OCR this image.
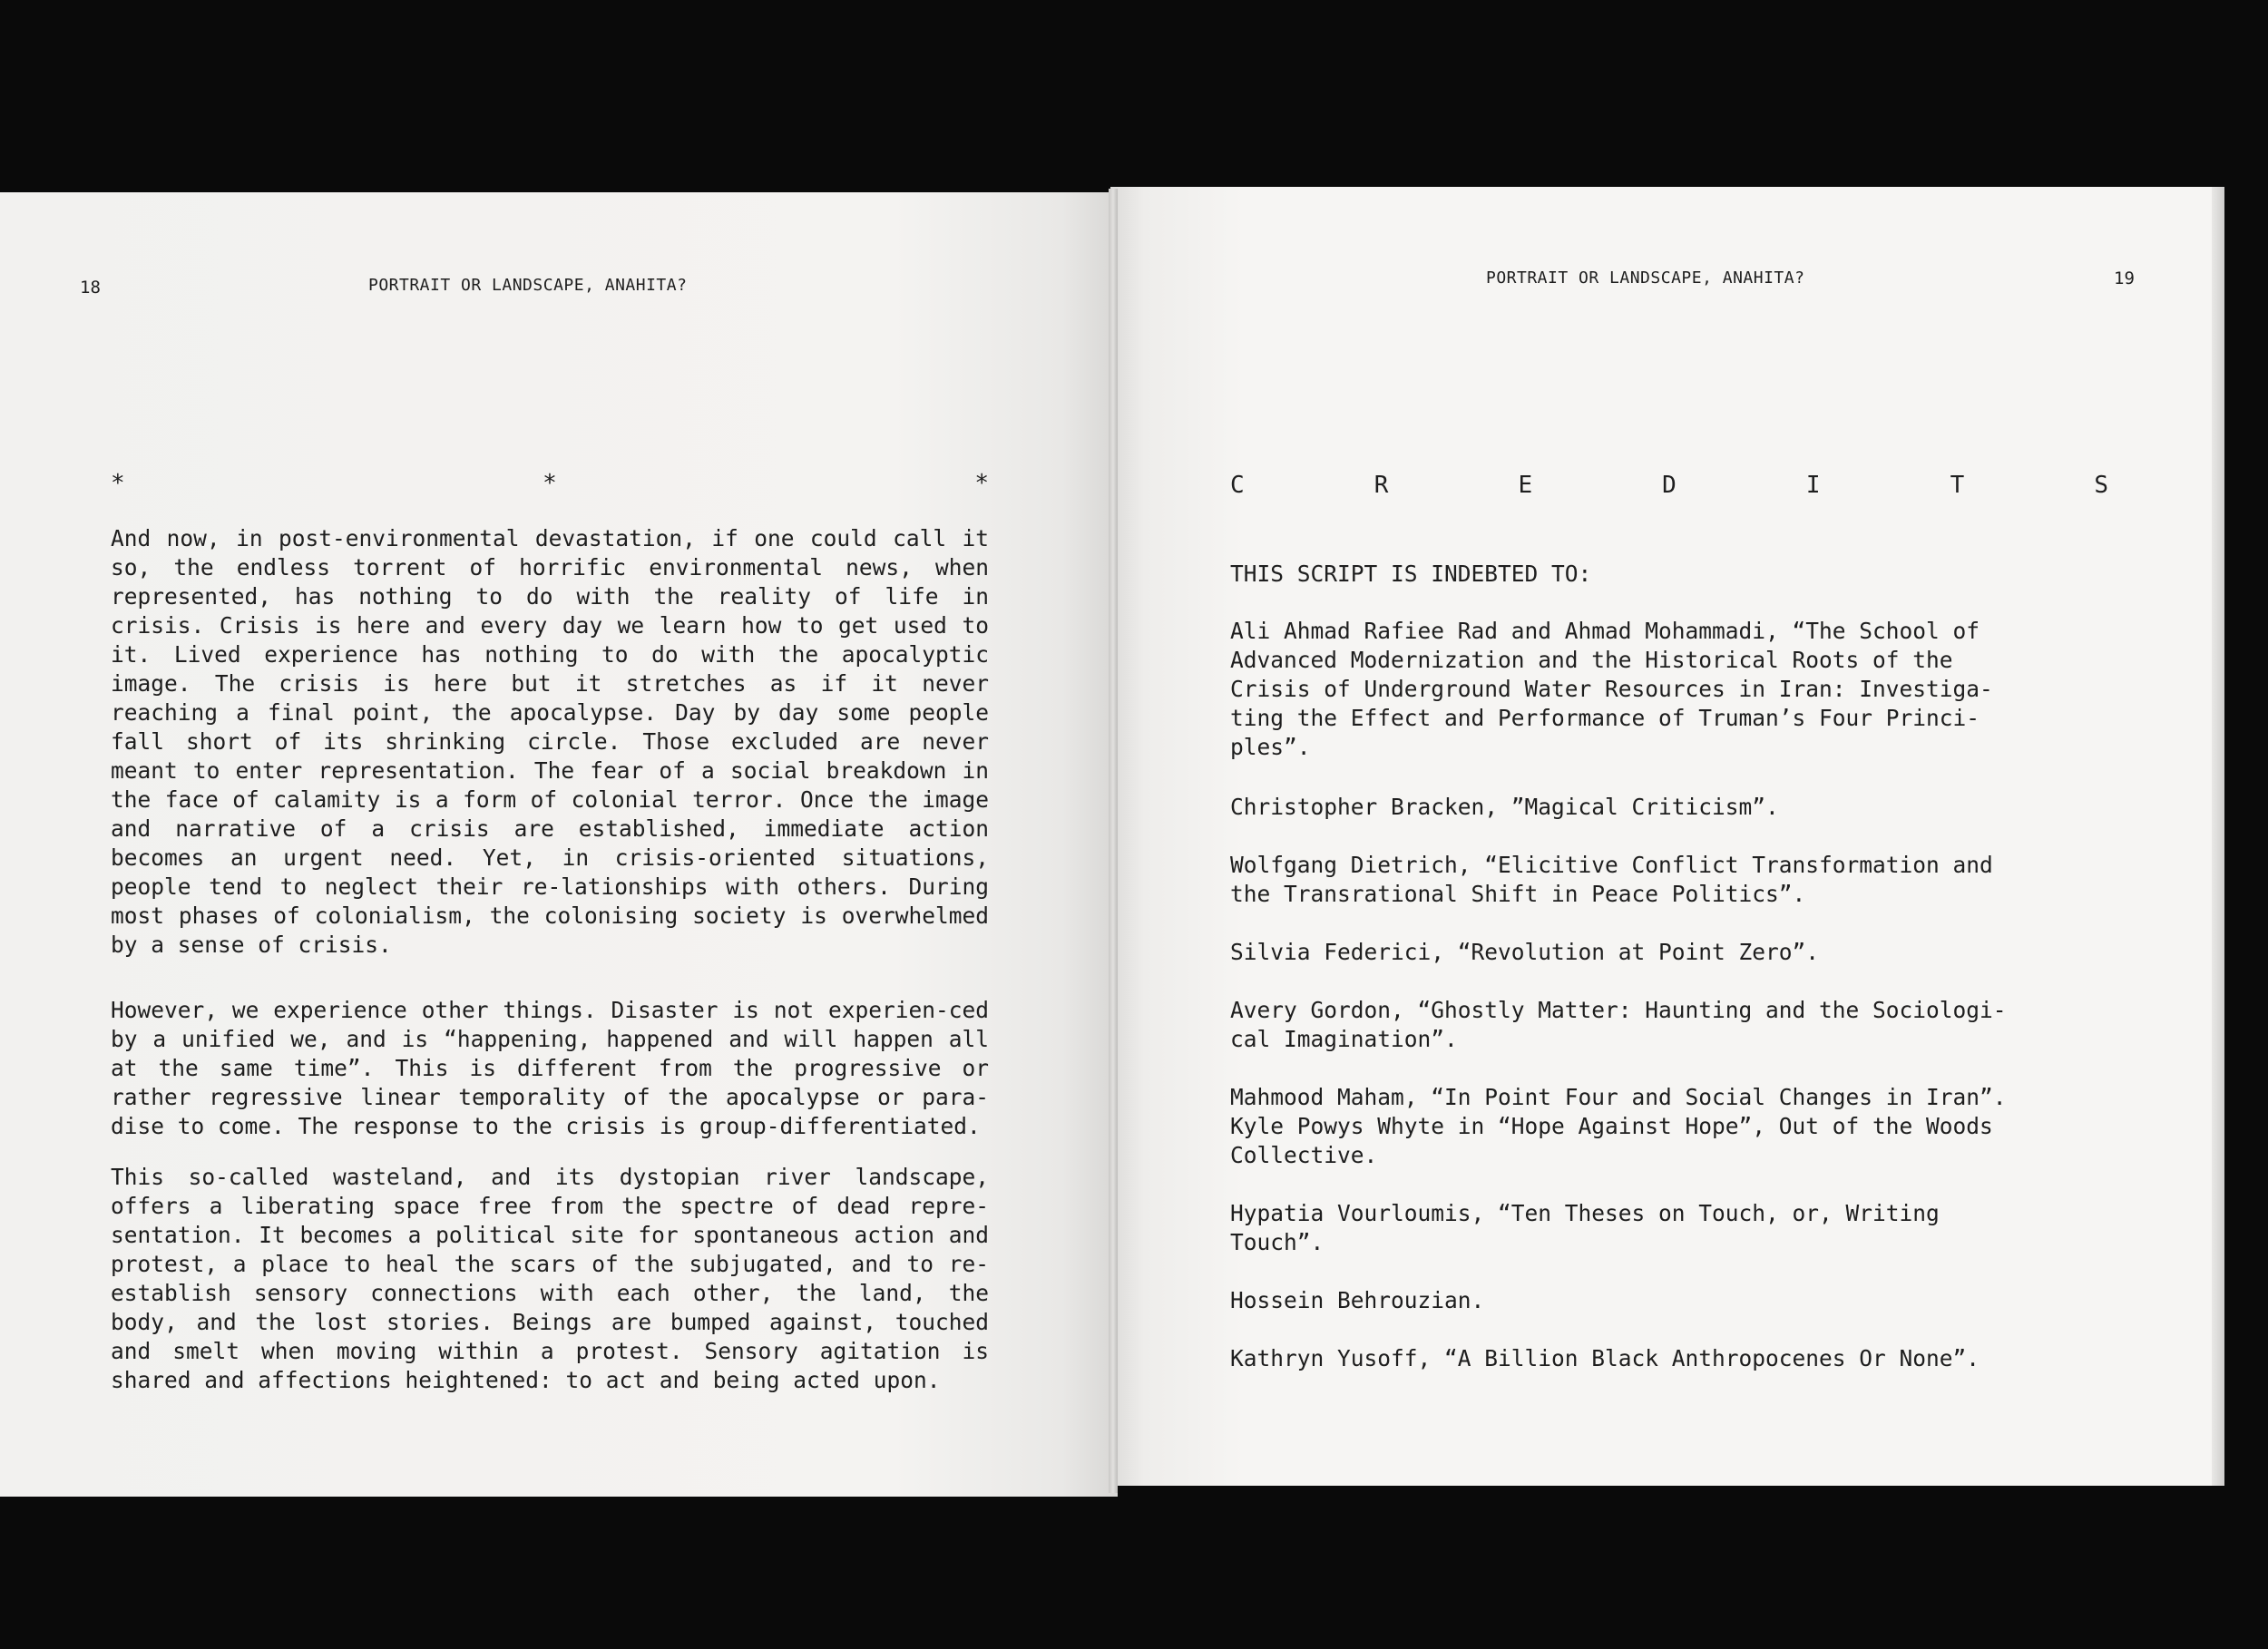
18	PORTRAIT OR LANDSCAPE, ANAHITA?
*	*	*

And now, in post-environmental devastation, if one could call it so, the endless torrent of horrific environmental news, when represented, has nothing to do with the reality of life in crisis. Crisis is here and every day we learn how to get used to it. Lived experience has nothing to do with the apocalyptic image. The crisis is here but it stretches as if it never reaching a final point, the apocalypse. Day by day some people fall short of its shrinking circle. Those excluded are never meant to enter representation. The fear of a social breakdown in the face of calamity is a form of colonial terror. Once the image and narrative of a crisis are established, immediate action becomes an urgent need. Yet, in crisis-oriented situations, people tend to neglect their re-lationships with others. During most phases of colonialism, the colonising society is overwhelmed by a sense of crisis.

However, we experience other things. Disaster is not experien-ced by a unified we, and is “happening, happened and will happen all at the same time”. This is different from the progressive or rather regressive linear temporality of the apocalypse or para-dise to come. The response to the crisis is group-differentiated.

This so-called wasteland, and its dystopian river landscape, offers a liberating space free from the spectre of dead repre-sentation. It becomes a political site for spontaneous action and protest, a place to heal the scars of the subjugated, and to re-establish sensory connections with each other, the land, the body, and the lost stories. Beings are bumped against, touched and smelt when moving within a protest. Sensory agitation is shared and affections heightened: to act and being acted upon.

PORTRAIT OR LANDSCAPE, ANAHITA?	19
C	R	E	D	I	T	S
THIS SCRIPT IS INDEBTED TO:
Ali Ahmad Rafiee Rad and Ahmad Mohammadi, “The School of
Advanced Modernization and the Historical Roots of the
Crisis of Underground Water Resources in Iran: Investiga-
ting the Effect and Performance of Truman’s Four Princi-
ples”.
Christopher Bracken, ”Magical Criticism”.
Wolfgang Dietrich, “Elicitive Conflict Transformation and
the Transrational Shift in Peace Politics”.
Silvia Federici, “Revolution at Point Zero”.
Avery Gordon, “Ghostly Matter: Haunting and the Sociologi-
cal Imagination”.
Mahmood Maham, “In Point Four and Social Changes in Iran”.
Kyle Powys Whyte in “Hope Against Hope”, Out of the Woods
Collective.
Hypatia Vourloumis, “Ten Theses on Touch, or, Writing
Touch”.
Hossein Behrouzian.
Kathryn Yusoff, “A Billion Black Anthropocenes Or None”.
